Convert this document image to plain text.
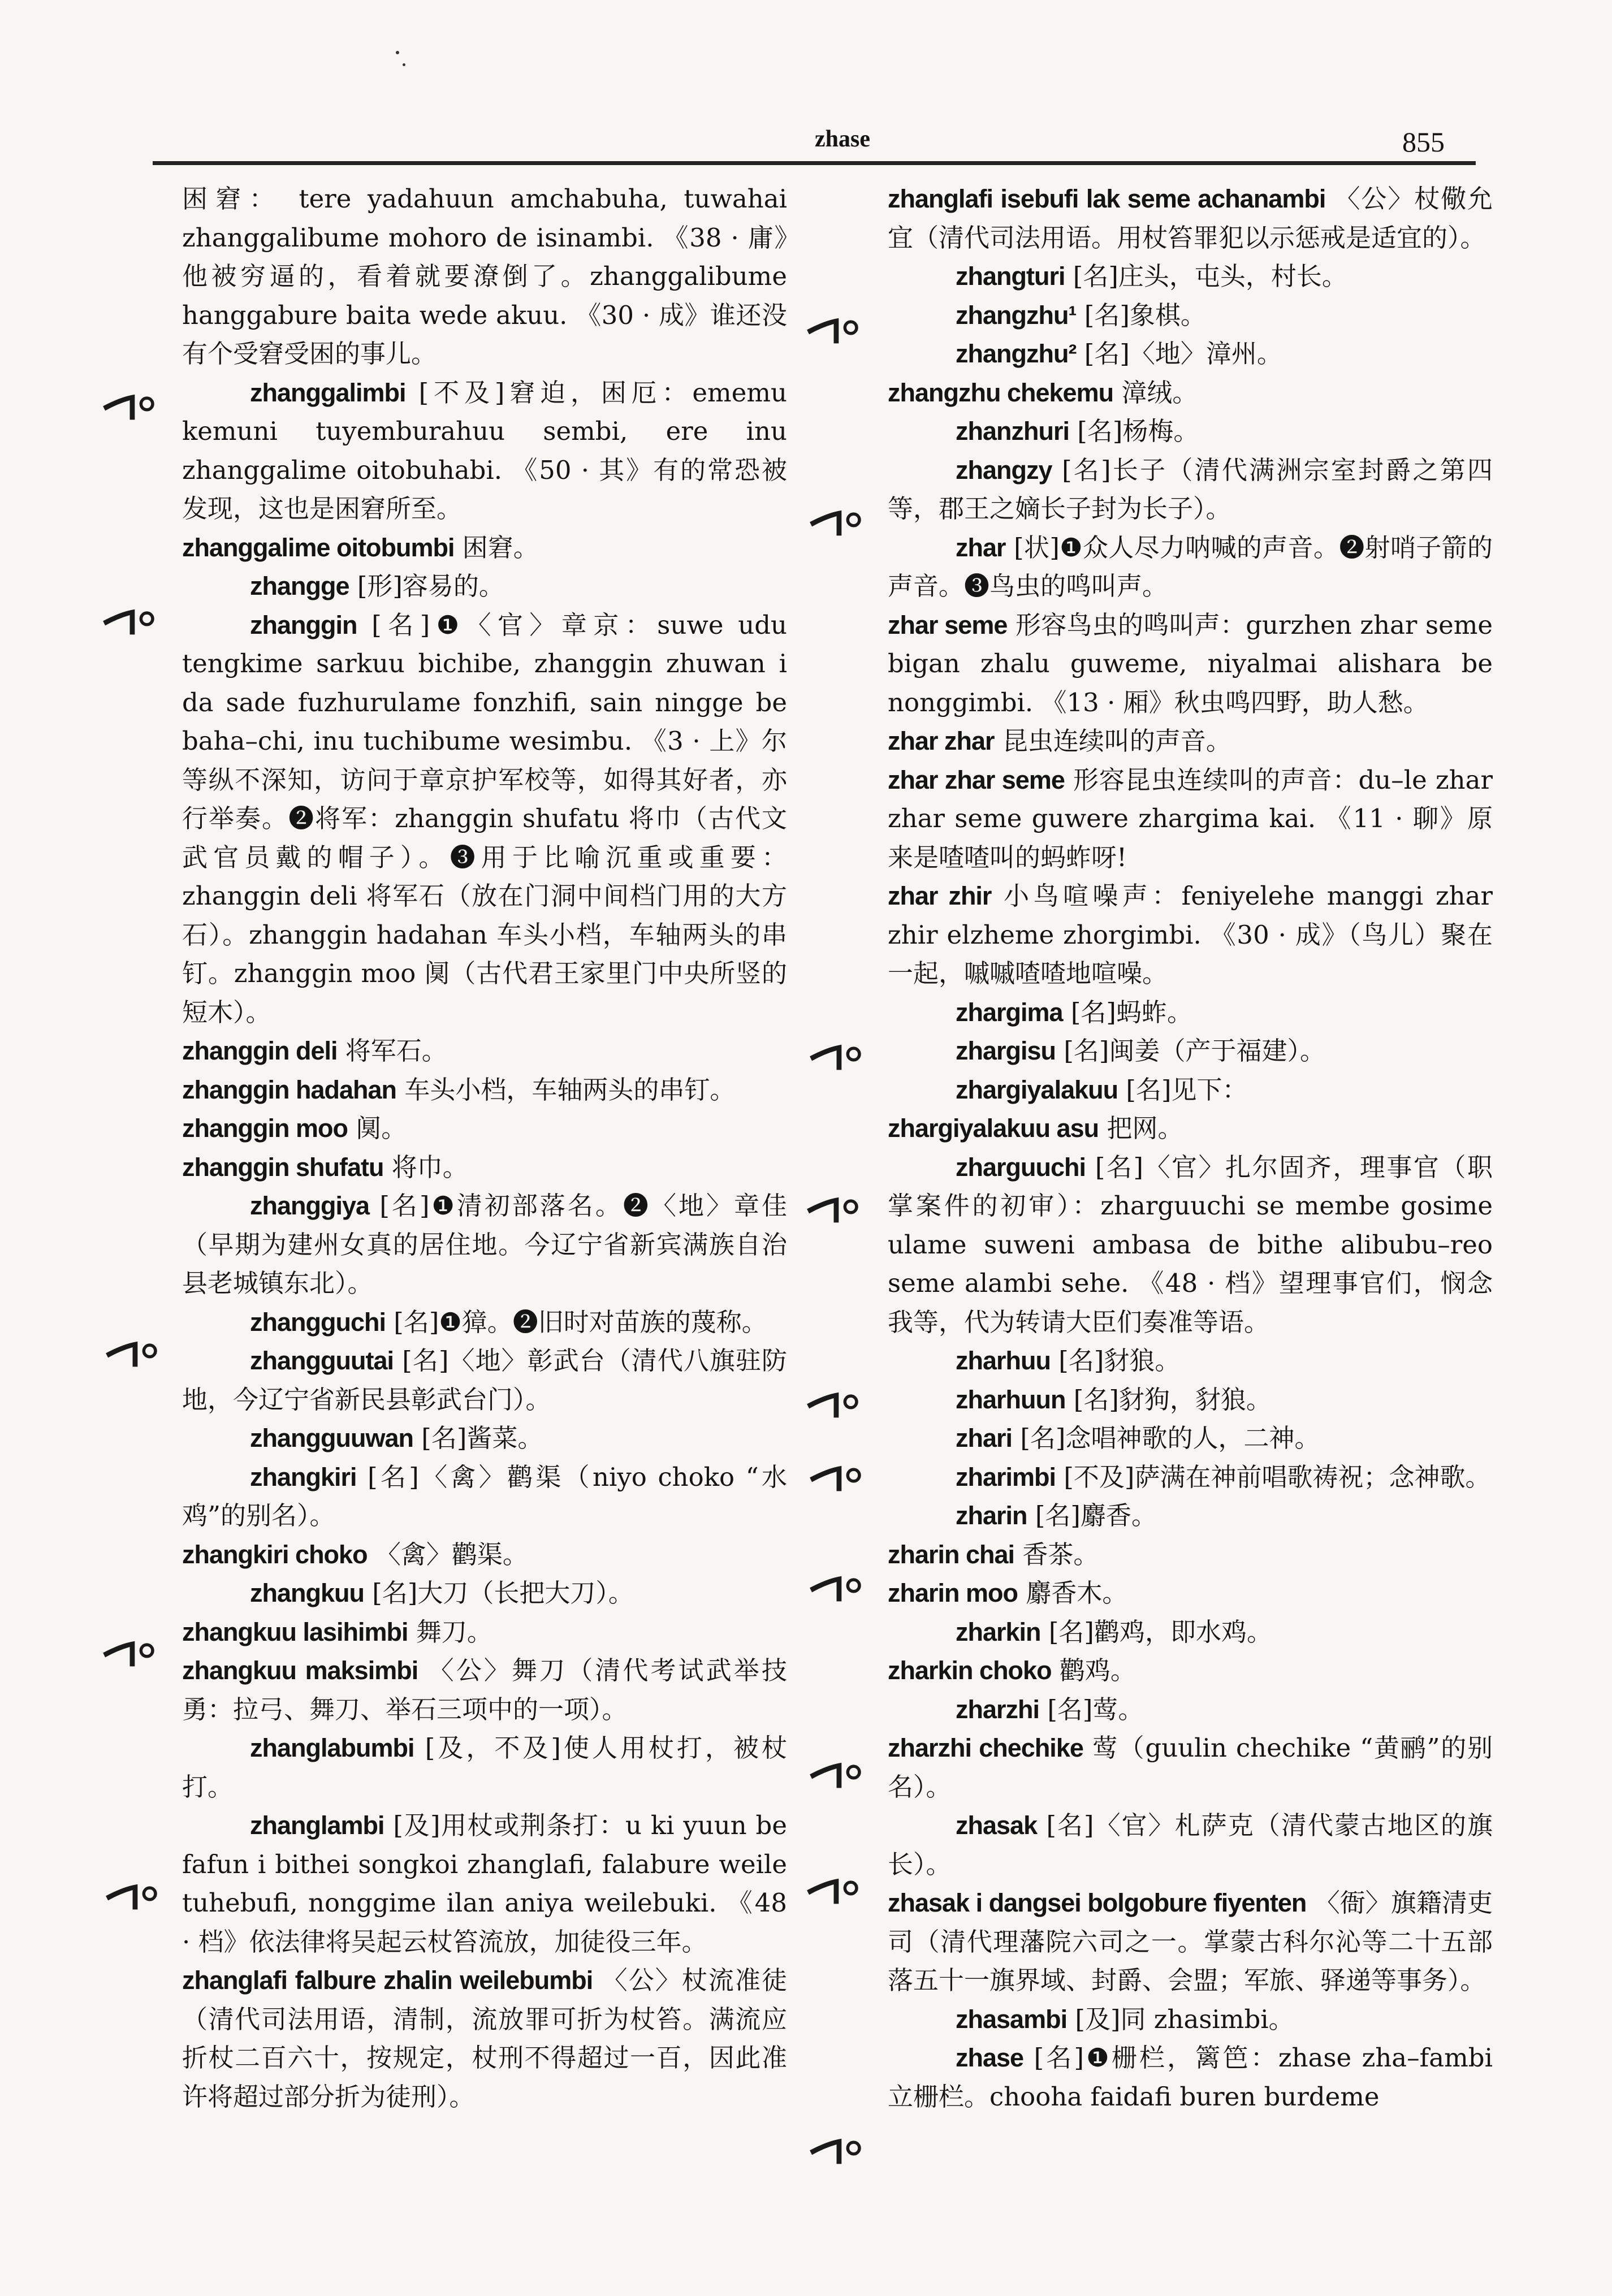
zhase	855
ᡷ
ᡷ
ᡷ
ᡷ
ᡷ
ᡷ
ᡷ
ᡷ
ᡷ
ᡷ
ᡷ
ᡷ
ᡷ
ᡷ
ᡷ

困窘： tere yadahuun amchabuha, tuwahai zhanggalibume mohoro de isinambi. 《38 · 庸》他被穷逼的，看着就要潦倒了。zhanggalibume hanggabure baita wede akuu. 《30 · 成》谁还没有个受窘受困的事儿。

zhanggalimbi [不及]窘迫，困厄：ememu kemuni tuyemburahuu sembi, ere inu zhanggalime oitobuhabi. 《50 · 其》有的常恐被发现，这也是困窘所至。

zhanggalime oitobumbi 困窘。

zhangge [形]容易的。

zhanggin [名]❶〈官〉章京：suwe udu tengkime sarkuu bichibe, zhanggin zhuwan i da sade fuzhurulame fonzhifi, sain ningge be baha–chi, inu tuchibume wesimbu. 《3 · 上》尔等纵不深知，访问于章京护军校等，如得其好者，亦行举奏。❷将军：zhanggin shufatu 将巾（古代文武官员戴的帽子）。❸用于比喻沉重或重要：zhanggin deli 将军石（放在门洞中间档门用的大方石）。zhanggin hadahan 车头小档，车轴两头的串钉。zhanggin moo 阒（古代君王家里门中央所竖的短木）。

zhanggin deli 将军石。

zhanggin hadahan 车头小档，车轴两头的串钉。

zhanggin moo 阒。

zhanggin shufatu 将巾。

zhanggiya [名]❶清初部落名。❷〈地〉章佳（早期为建州女真的居住地。今辽宁省新宾满族自治县老城镇东北）。

zhangguchi [名]❶獐。❷旧时对苗族的蔑称。

zhangguutai [名]〈地〉彰武台（清代八旗驻防地，今辽宁省新民县彰武台门）。

zhangguuwan [名]酱菜。

zhangkiri [名]〈禽〉鹳渠（niyo choko “水鸡”的别名）。

zhangkiri choko 〈禽〉鹳渠。

zhangkuu [名]大刀（长把大刀）。

zhangkuu lasihimbi 舞刀。

zhangkuu maksimbi 〈公〉舞刀（清代考试武举技勇：拉弓、舞刀、举石三项中的一项）。

zhanglabumbi [及，不及]使人用杖打，被杖打。

zhanglambi [及]用杖或荆条打：u ki yuun be fafun i bithei songkoi zhanglafi, falabure weile tuhebufi, nonggime ilan aniya weilebuki. 《48 · 档》依法律将吴起云杖笞流放，加徒役三年。

zhanglafi falbure zhalin weilebumbi 〈公〉杖流准徒（清代司法用语，清制，流放罪可折为杖笞。满流应折杖二百六十，按规定，杖刑不得超过一百，因此准许将超过部分折为徒刑）。

zhanglafi isebufi lak seme achanambi 〈公〉杖儆允宜（清代司法用语。用杖笞罪犯以示惩戒是适宜的）。

zhangturi [名]庄头，屯头，村长。

zhangzhu¹ [名]象棋。

zhangzhu² [名]〈地〉漳州。

zhangzhu chekemu 漳绒。

zhanzhuri [名]杨梅。

zhangzy [名]长子（清代满洲宗室封爵之第四等，郡王之嫡长子封为长子）。

zhar [状]❶众人尽力呐喊的声音。❷射哨子箭的声音。❸鸟虫的鸣叫声。

zhar seme 形容鸟虫的鸣叫声：gurzhen zhar seme bigan zhalu guweme, niyalmai alishara be nonggimbi. 《13 · 厢》秋虫鸣四野，助人愁。

zhar zhar 昆虫连续叫的声音。

zhar zhar seme 形容昆虫连续叫的声音：du–le zhar zhar seme guwere zhargima kai. 《11 · 聊》原来是喳喳叫的蚂蚱呀!

zhar zhir 小鸟喧噪声：feniyelehe manggi zhar zhir elzheme zhorgimbi. 《30 · 成》（鸟儿）聚在一起，嘁嘁喳喳地喧噪。

zhargima [名]蚂蚱。

zhargisu [名]闽姜（产于福建）。

zhargiyalakuu [名]见下：

zhargiyalakuu asu 把网。

zharguuchi [名]〈官〉扎尔固齐，理事官（职掌案件的初审）：zharguuchi se membe gosime ulame suweni ambasa de bithe alibubu–reo seme alambi sehe. 《48 · 档》望理事官们，悯念我等，代为转请大臣们奏准等语。

zharhuu [名]豺狼。

zharhuun [名]豺狗，豺狼。

zhari [名]念唱神歌的人，二神。

zharimbi [不及]萨满在神前唱歌祷祝；念神歌。

zharin [名]麝香。

zharin chai 香茶。

zharin moo 麝香木。

zharkin [名]鹳鸡，即水鸡。

zharkin choko 鹳鸡。

zharzhi [名]莺。

zharzhi chechike 莺（guulin chechike “黄鹂”的别名）。

zhasak [名]〈官〉札萨克（清代蒙古地区的旗长）。

zhasak i dangsei bolgobure fiyenten 〈衙〉旗籍清吏司（清代理藩院六司之一。掌蒙古科尔沁等二十五部落五十一旗界域、封爵、会盟；军旅、驿递等事务）。

zhasambi [及]同 zhasimbi。

zhase [名]❶栅栏，篱笆：zhase zha–fambi 立栅栏。chooha faidafi buren burdeme
